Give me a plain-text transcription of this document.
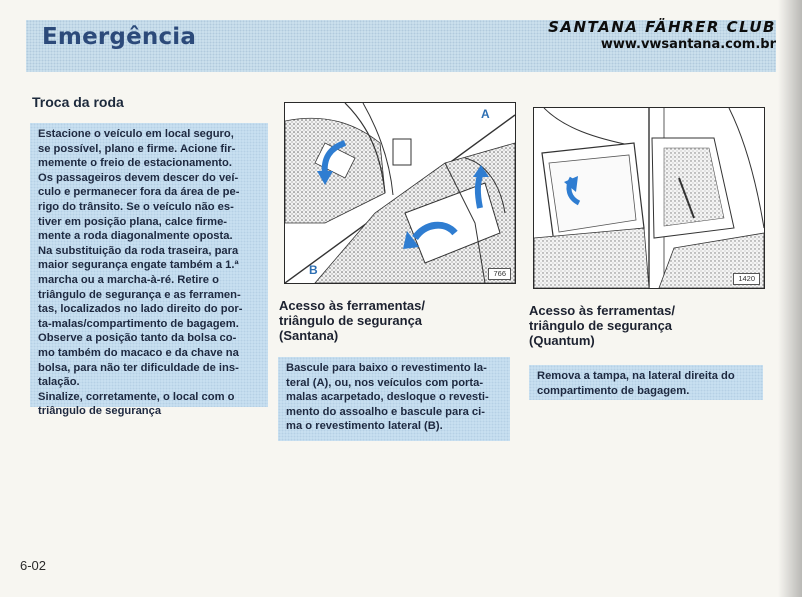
Emergência	SANTANA FÄHRER CLUB
www.vwsantana.com.br
Troca da roda
Estacione o veículo em local seguro,
se possível, plano e firme. Acione fir-
memente o freio de estacionamento.
Os passageiros devem descer do veí-
culo e permanecer fora da área de pe-
rigo do trânsito. Se o veículo não es-
tiver em posição plana, calce firme-
mente a roda diagonalmente oposta.
Na substituição da roda traseira, para
maior segurança engate também a 1.ª
marcha ou a marcha-à-ré. Retire o
triângulo de segurança e as ferramen-
tas, localizados no lado direito do por-
ta-malas/compartimento de bagagem.
Observe a posição tanto da bolsa co-
mo também do macaco e da chave na
bolsa, para não ter dificuldade de ins-
talação.
Sinalize, corretamente, o local com o
triângulo de segurança
A
B	766
Acesso às ferramentas/
triângulo de segurança
(Santana)
Bascule para baixo o revestimento la-
teral (A), ou, nos veículos com porta-
malas acarpetado, desloque o revesti-
mento do assoalho e bascule para ci-
ma o revestimento lateral (B).
1420
Acesso às ferramentas/
triângulo de segurança
(Quantum)
Remova a tampa, na lateral direita do
compartimento de bagagem.
6-02
